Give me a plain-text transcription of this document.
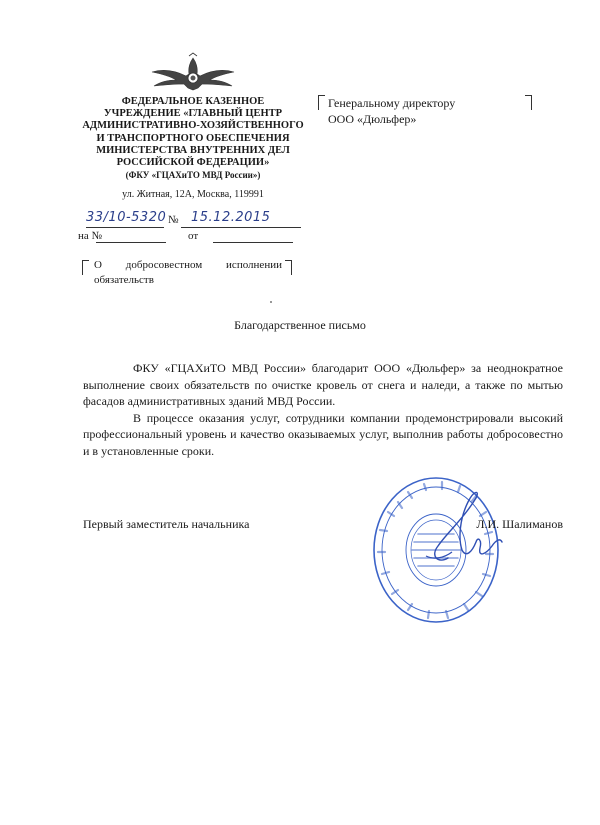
ФЕДЕРАЛЬНОЕ КАЗЕННОЕ
УЧРЕЖДЕНИЕ «ГЛАВНЫЙ ЦЕНТР
АДМИНИСТРАТИВНО-ХОЗЯЙСТВЕННОГО
И ТРАНСПОРТНОГО ОБЕСПЕЧЕНИЯ
МИНИСТЕРСТВА ВНУТРЕННИХ ДЕЛ
РОССИЙСКОЙ ФЕДЕРАЦИИ»
(ФКУ «ГЦАХиТО МВД России»)
ул. Житная, 12А, Москва, 119991
33/10-5320 № 15.12.2015
на №	от
О добросовестном исполнении
обязательств
Генеральному директору
ООО «Дюльфер»
Благодарственное письмо

ФКУ «ГЦАХиТО МВД России» благодарит ООО «Дюльфер» за неоднократное выполнение своих обязательств по очистке кровель от снега и наледи, а также по мытью фасадов административных зданий МВД России.

В процессе оказания услуг, сотрудники компании продемонстрировали высокий профессиональный уровень и качество оказываемых услуг, выполнив работы добросовестно и в установленные сроки.

Первый заместитель начальника	Л.И. Шалиманов
